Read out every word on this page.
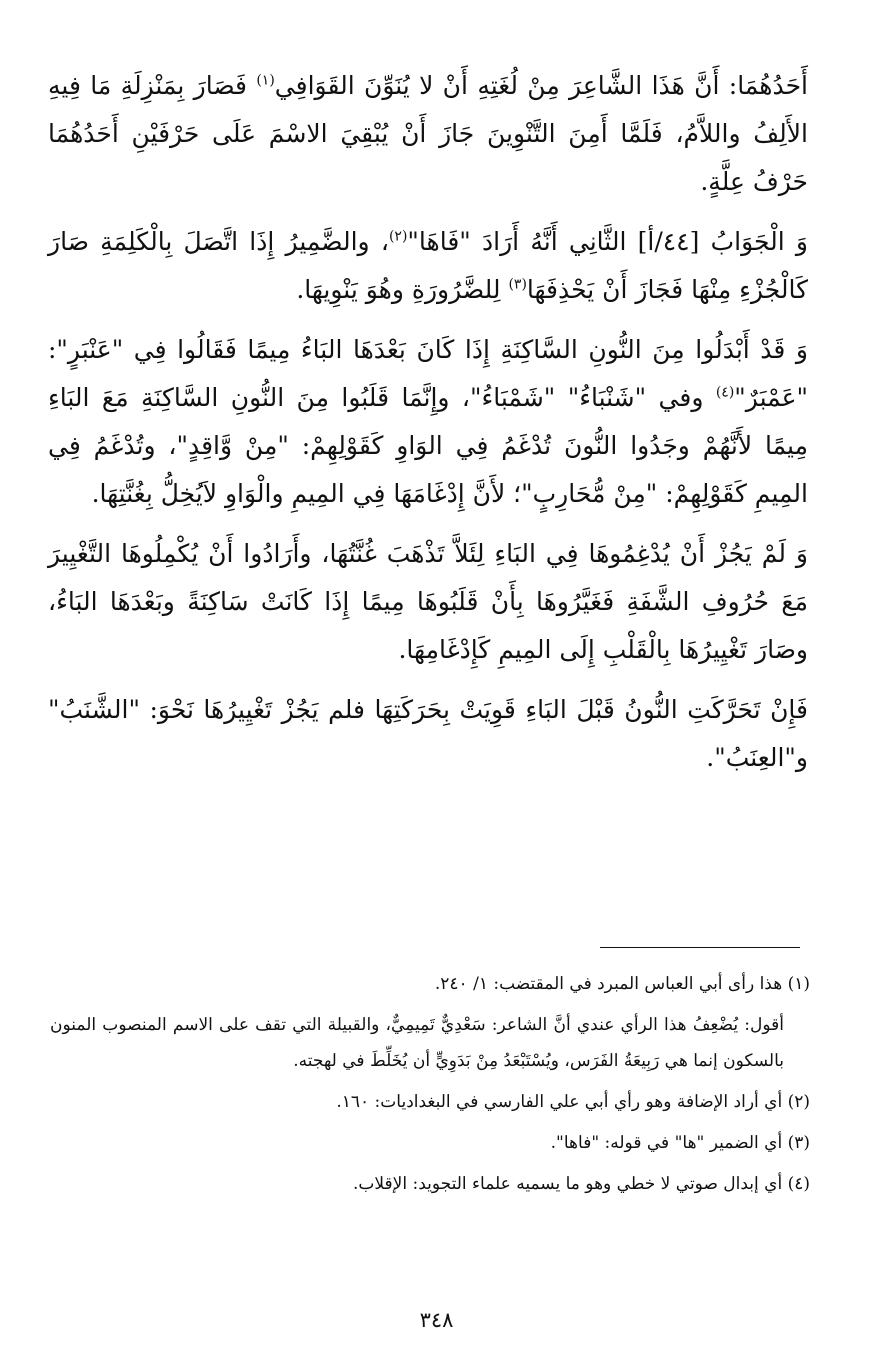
أَحَدُهُمَا: أَنَّ هَذَا الشَّاعِرَ مِنْ لُغَتِهِ أَنْ لا يُنَوِّنَ القَوَافِي$^{(١)}$ فَصَارَ بِمَنْزِلَةِ مَا فِيهِ الأَلِفُ واللاَّمُ، فَلَمَّا أَمِنَ التَّنْوِينَ جَازَ أَنْ يُبْقِيَ الاسْمَ عَلَى حَرْفَيْنِ أَحَدُهُمَا حَرْفُ عِلَّةٍ.

وَ الْجَوَابُ [٤٤/أ] الثَّانِي أَنَّهُ أَرَادَ "فَاهَا"$^{(٢)}$، والضَّمِيرُ إِذَا اتَّصَلَ بِالْكَلِمَةِ صَارَ كَالْجُزْءِ مِنْهَا فَجَازَ أَنْ يَحْذِفَهَا$^{(٣)}$ لِلضَّرُورَةِ وهُوَ يَنْوِيهَا.

وَ قَدْ أَبْدَلُوا مِنَ النُّونِ السَّاكِنَةِ إِذَا كَانَ بَعْدَهَا البَاءُ مِيمًا فَقَالُوا فِي "عَنْبَرٍ": "عَمْبَرٌ"$^{(٤)}$ وفي "شَنْبَاءُ" "شَمْبَاءُ"، وإِنَّمَا قَلَبُوا مِنَ النُّونِ السَّاكِنَةِ مَعَ البَاءِ مِيمًا لأَنَّهُمْ وجَدُوا النُّونَ تُدْغَمُ فِي الوَاوِ كَقَوْلِهِمْ: "مِنْ وَّاقِدٍ"، وتُدْغَمُ فِي المِيمِ كَقَوْلِهِمْ: "مِنْ مُّحَارِبٍ"؛ لأَنَّ إِدْغَامَهَا فِي المِيمِ والْوَاوِ لاَيُخِلُّ بِغُنَّتِهَا.

وَ لَمْ يَجُزْ أَنْ يُدْغِمُوهَا فِي البَاءِ لِئَلاَّ تَذْهَبَ غُنَّتُهَا، وأَرَادُوا أَنْ يُكْمِلُوهَا التَّغْيِيرَ مَعَ حُرُوفِ الشَّفَةِ فَغَيَّرُوهَا بِأَنْ قَلَبُوهَا مِيمًا إِذَا كَانَتْ سَاكِنَةً وبَعْدَهَا البَاءُ، وصَارَ تَغْيِيرُهَا بِالْقَلْبِ إِلَى المِيمِ كَإِدْغَامِهَا.

فَإِنْ تَحَرَّكَتِ النُّونُ قَبْلَ البَاءِ قَوِيَتْ بِحَرَكَتِهَا فلم يَجُزْ تَغْيِيرُهَا نَحْوَ: "الشَّنَبُ" و"العِنَبُ".

(١) هذا رأى أبي العباس المبرد في المقتضب: ١/ ٢٤٠.

أقول: يُضْعِفُ هذا الرأي عندي أنَّ الشاعر: سَعْدِيٌّ تَمِيمِيٌّ، والقبيلة التي تقف على الاسم المنصوب المنون بالسكون إنما هي رَبِيعَةُ الفَرَس، ويُسْتَبْعَدُ مِنْ بَدَوِيٍّ أن يُخَلِّطَ في لهجته.

(٢) أي أراد الإضافة وهو رأي أبي علي الفارسي في البغداديات: ١٦٠.

(٣) أي الضمير "ها" في قوله: "فاها".

(٤) أي إبدال صوتي لا خطي وهو ما يسميه علماء التجويد: الإقلاب.

٣٤٨
